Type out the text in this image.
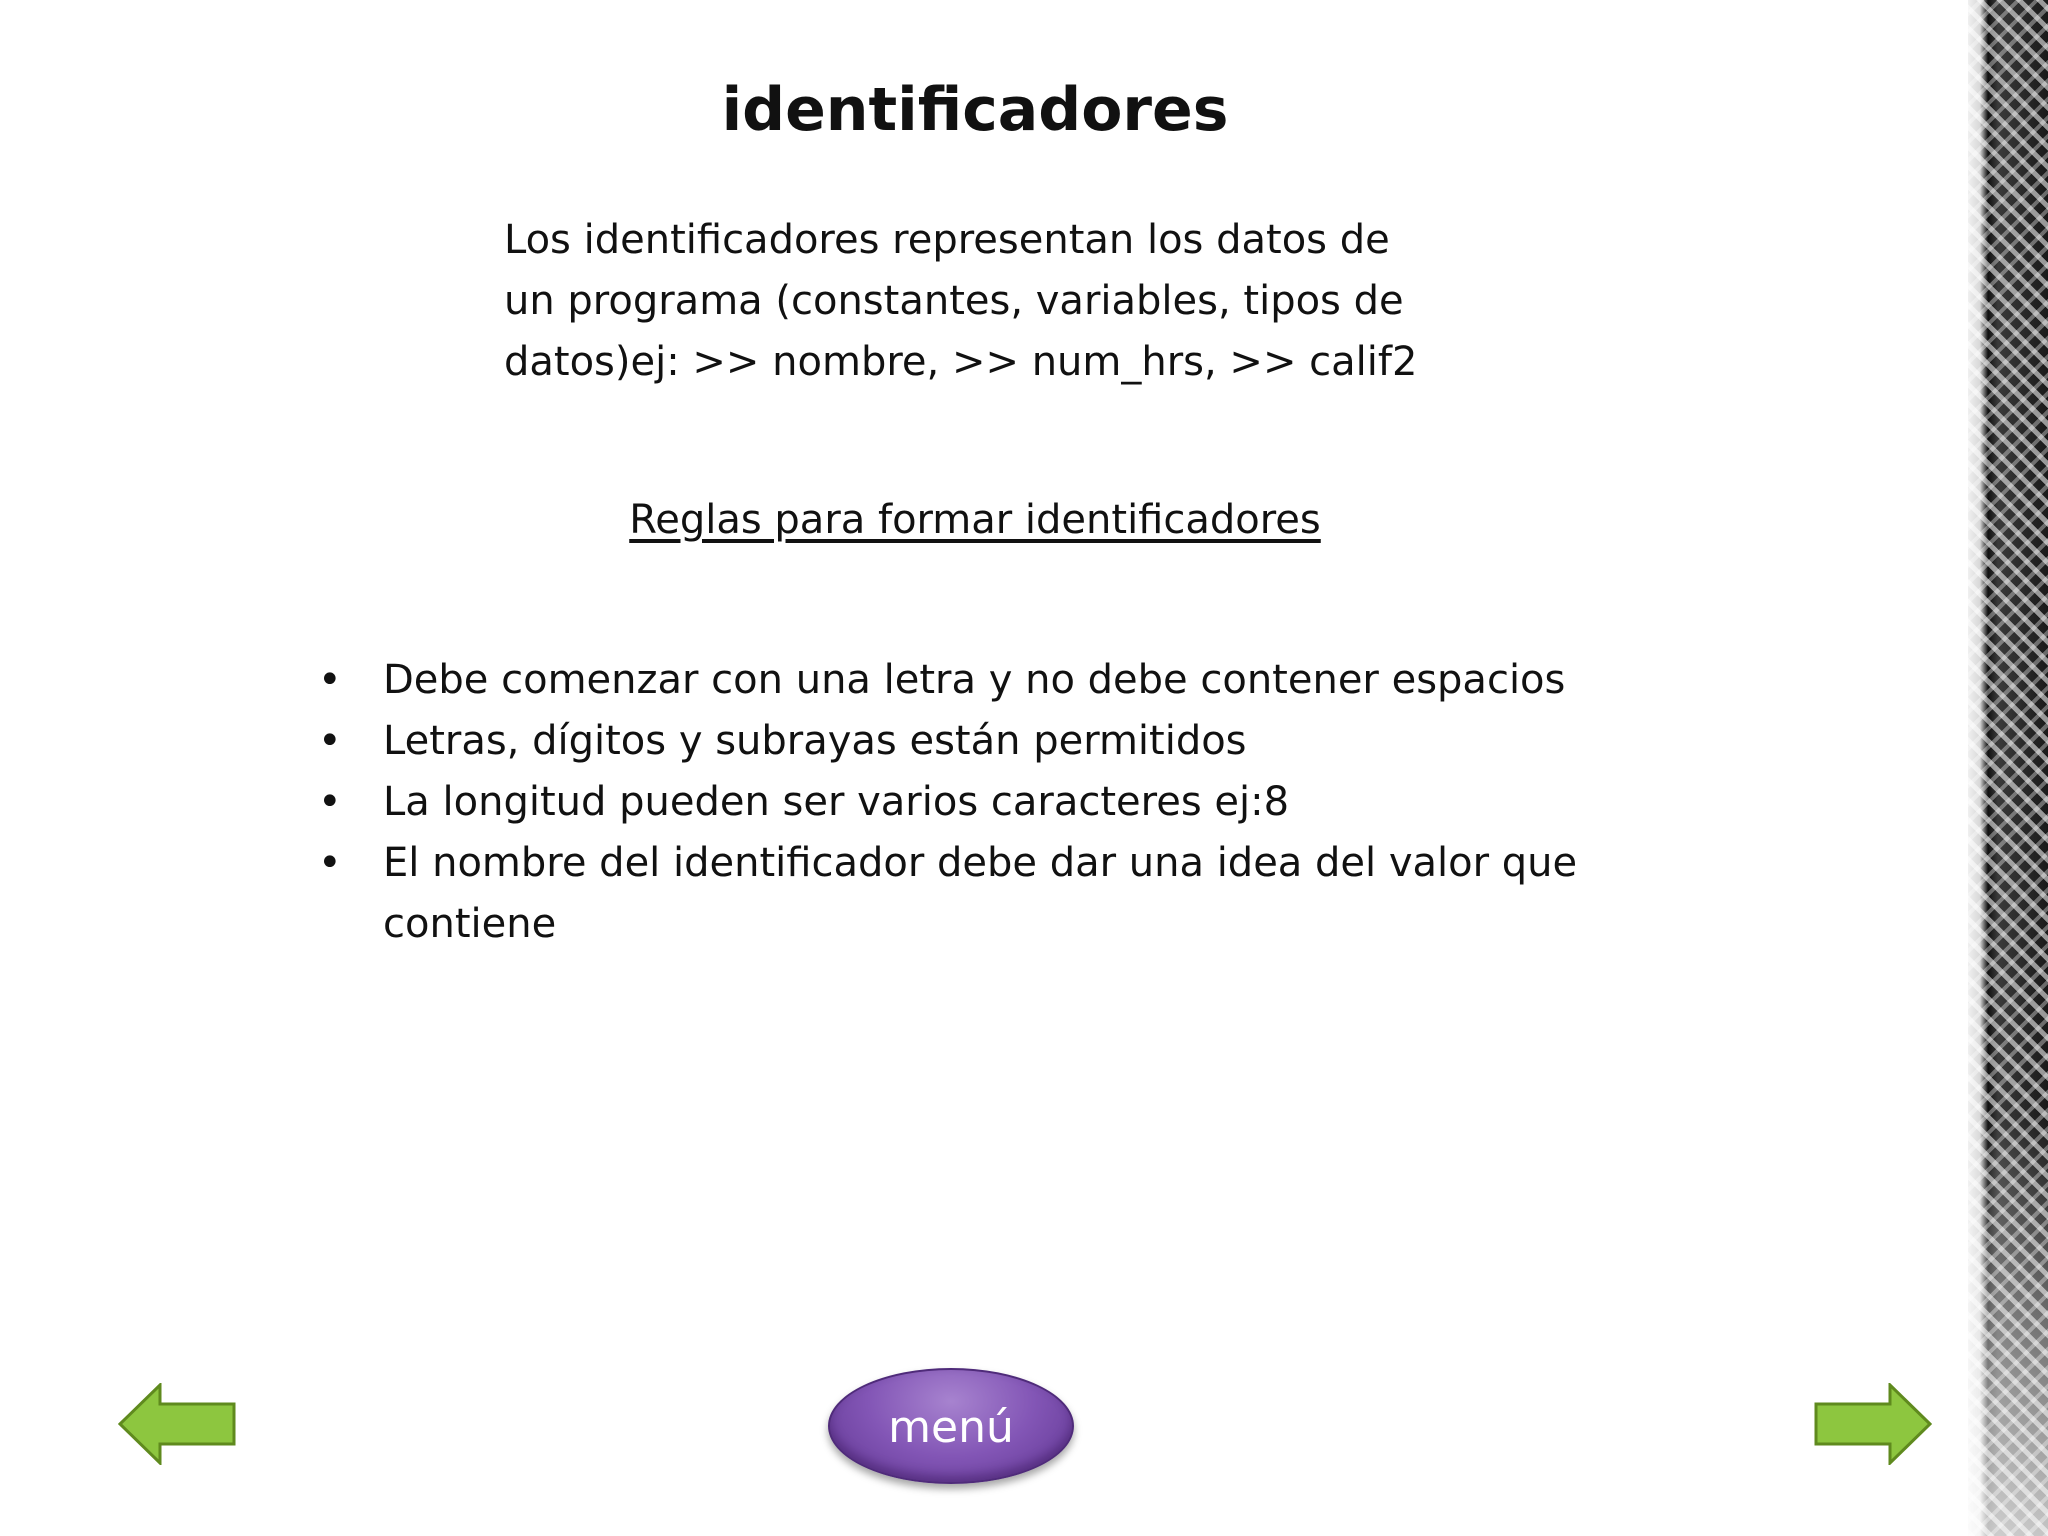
identificadores
Los identificadores representan los datos de
un programa (constantes, variables, tipos de
datos)ej: >> nombre, >> num_hrs, >> calif2
Reglas para formar identificadores
• Debe comenzar con una letra y no debe contener espacios
• Letras, dígitos y subrayas están permitidos
• La longitud pueden ser varios caracteres ej:8
• El nombre del identificador debe dar una idea del valor que contiene
menú
